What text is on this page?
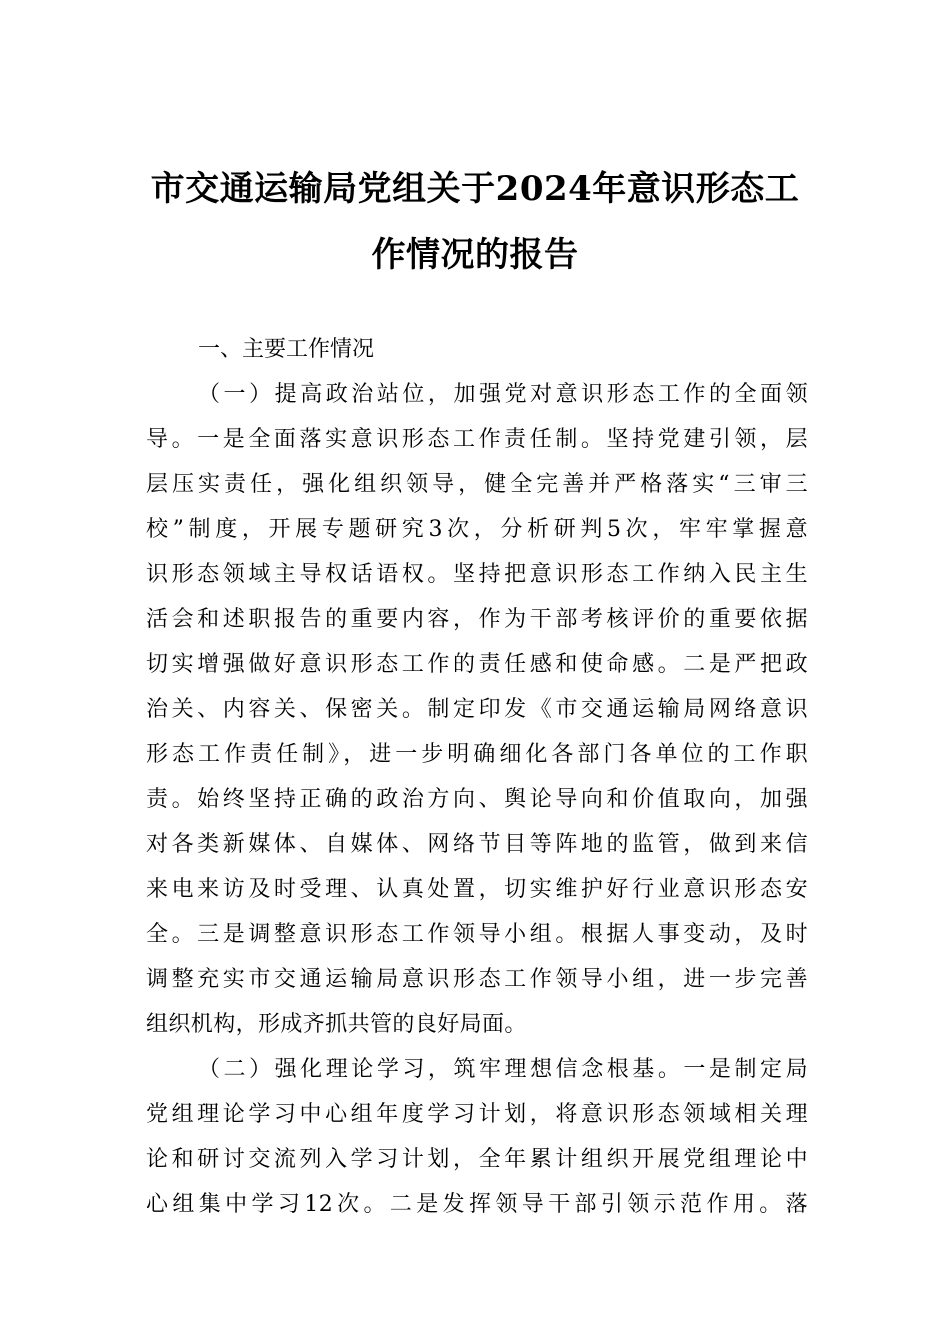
市交通运输局党组关于2024年意识形态工
作情况的报告

一、主要工作情况

（一）提高政治站位，加强党对意识形态工作的全面领
导。一是全面落实意识形态工作责任制。坚持党建引领，层
层压实责任，强化组织领导，健全完善并严格落实“三审三
校”制度，开展专题研究3次，分析研判5次，牢牢掌握意
识形态领域主导权话语权。坚持把意识形态工作纳入民主生
活会和述职报告的重要内容，作为干部考核评价的重要依据
切实增强做好意识形态工作的责任感和使命感。二是严把政
治关、内容关、保密关。制定印发《市交通运输局网络意识
形态工作责任制》，进一步明确细化各部门各单位的工作职
责。始终坚持正确的政治方向、舆论导向和价值取向，加强
对各类新媒体、自媒体、网络节目等阵地的监管，做到来信
来电来访及时受理、认真处置，切实维护好行业意识形态安
全。三是调整意识形态工作领导小组。根据人事变动，及时
调整充实市交通运输局意识形态工作领导小组，进一步完善
组织机构，形成齐抓共管的良好局面。

（二）强化理论学习，筑牢理想信念根基。一是制定局
党组理论学习中心组年度学习计划，将意识形态领域相关理
论和研讨交流列入学习计划，全年累计组织开展党组理论中
心组集中学习12次。二是发挥领导干部引领示范作用。落
